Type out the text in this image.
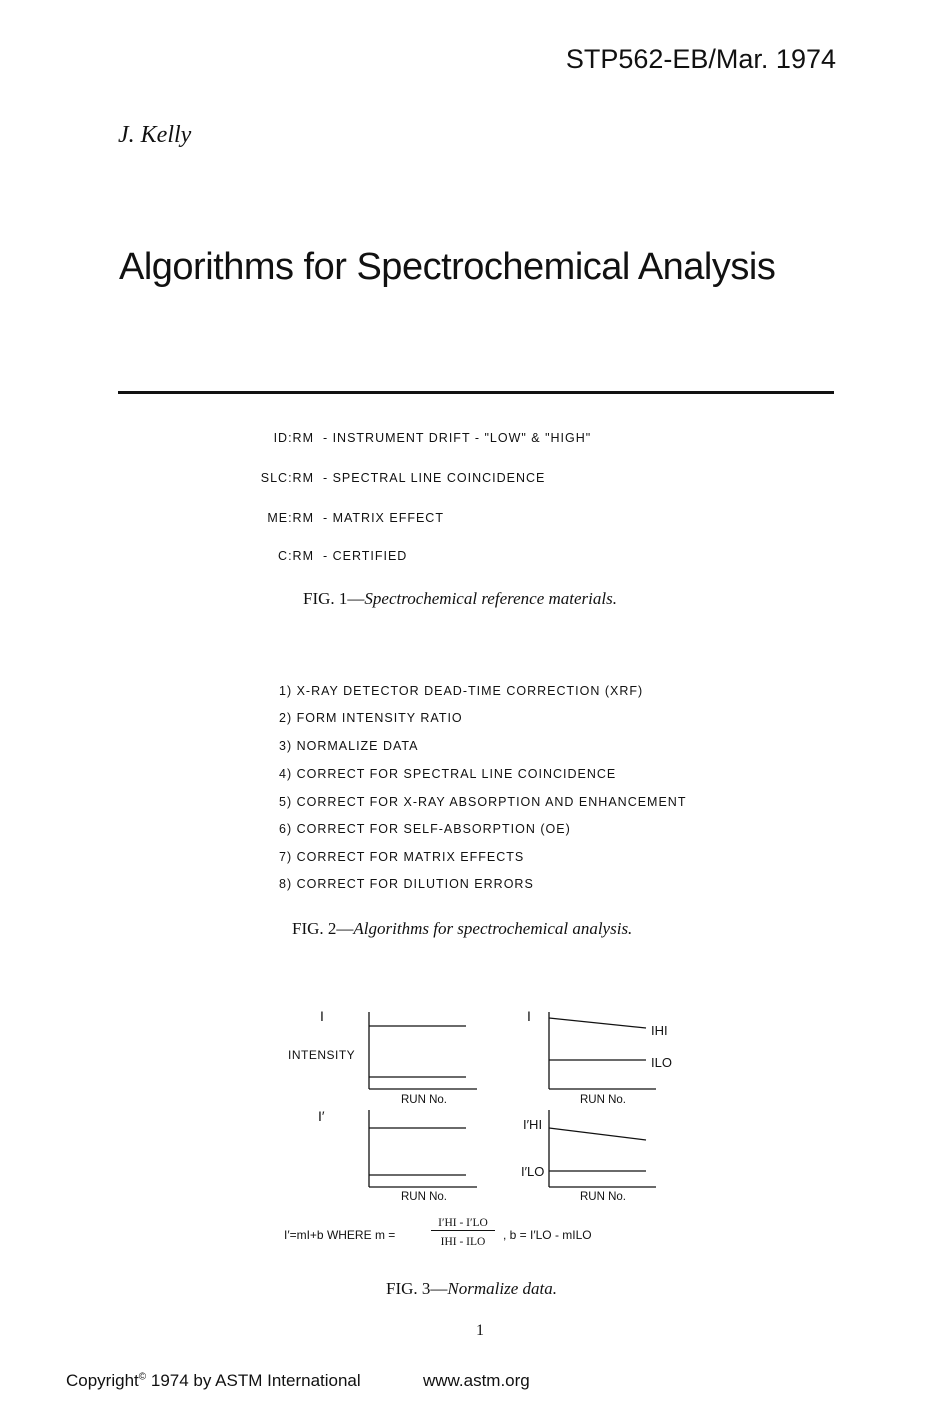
STP562-EB/Mar. 1974
J. Kelly
Algorithms for Spectrochemical Analysis
ID:RM - INSTRUMENT DRIFT - "LOW" & "HIGH"
SLC:RM - SPECTRAL LINE COINCIDENCE
ME:RM - MATRIX EFFECT
C:RM - CERTIFIED
FIG. 1—Spectrochemical reference materials.
1) X-RAY DETECTOR DEAD-TIME CORRECTION (XRF)
2) FORM INTENSITY RATIO
3) NORMALIZE DATA
4) CORRECT FOR SPECTRAL LINE COINCIDENCE
5) CORRECT FOR X-RAY ABSORPTION AND ENHANCEMENT
6) CORRECT FOR SELF-ABSORPTION (OE)
7) CORRECT FOR MATRIX EFFECTS
8) CORRECT FOR DILUTION ERRORS
FIG. 2—Algorithms for spectrochemical analysis.
I
INTENSITY
I′
I
IHI
ILO
I′HI
I′LO
RUN No.	RUN No.
RUN No.	RUN No.
I′=mI+b WHERE m =
I′HI - I′LO
IHI - ILO	, b = I′LO - mILO
FIG. 3—Normalize data.
1
Copyright© 1974 by ASTM International	www.astm.org
